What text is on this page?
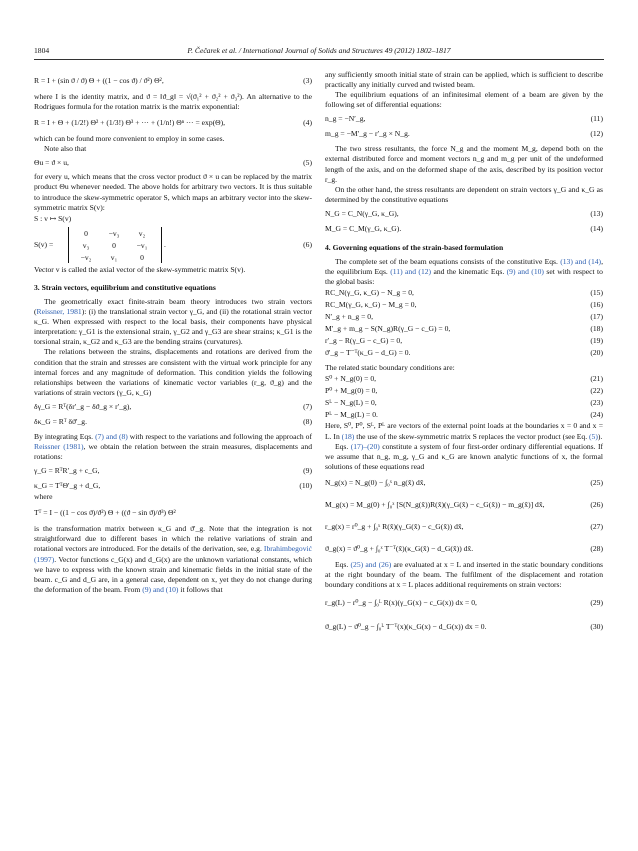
1804	P. Čečarek et al. / International Journal of Solids and Structures 49 (2012) 1802–1817
R = I + (sin ϑ / ϑ) Θ + ((1 − cos ϑ) / ϑ²) Θ²,	(3)

where I is the identity matrix, and ϑ = ‖ϑ_g‖ = √(ϑ₁² + ϑ₂² + ϑ₃²). An alternative to the Rodrigues formula for the rotation matrix is the matrix exponential:

R = I + Θ + (1/2!) Θ² + (1/3!) Θ³ + ··· + (1/n!) Θⁿ ··· = exp(Θ),	(4)

which can be found more convenient to employ in some cases.

Note also that

Θu = ϑ × u,	(5)

for every u, which means that the cross vector product ϑ × u can be replaced by the matrix product Θu whenever needed. The above holds for arbitrary two vectors. It is thus suitable to introduce the skew-symmetric operator S, which maps an arbitrary vector into the skew-symmetric matrix S(v):

S : v ↦ S(v)
S(v) =
0	−v₃	v₂
v₃	0	−v₁
−v₂	v₁	0
.	(6)

Vector v is called the axial vector of the skew-symmetric matrix S(v).

3. Strain vectors, equilibrium and constitutive equations

The geometrically exact finite-strain beam theory introduces two strain vectors (Reissner, 1981): (i) the translational strain vector γ_G, and (ii) the rotational strain vector κ_G. When expressed with respect to the local basis, their components have physical interpretation: γ_G1 is the extensional strain, γ_G2 and γ_G3 are shear strains; κ_G1 is the torsional strain, κ_G2 and κ_G3 are the bending strains (curvatures).

The relations between the strains, displacements and rotations are derived from the condition that the strain and stresses are consistent with the virtual work principle for any internal forces and any magnitude of deformation. This condition yields the following relationships between the variations of kinematic vector variables (r_g, ϑ_g) and the variations of strain vectors (γ_G, κ_G)

δγ_G = Rᵀ(δr′_g − δϑ_g × r′_g),	(7)
δκ_G = Rᵀ δϑ′_g.	(8)

By integrating Eqs. (7) and (8) with respect to the variations and following the approach of Reissner (1981), we obtain the relation between the strain measures, displacements and rotations:

γ_G = RᵀR′_g + c_G,	(9)
κ_G = TᵀΘ′_g + d_G,	(10)

where

Tᵀ = I − ((1 − cos ϑ)/ϑ²) Θ + ((ϑ − sin ϑ)/ϑ³) Θ²

is the transformation matrix between κ_G and ϑ′_g. Note that the integration is not straightforward due to different bases in which the relative variations of strain and rotational vectors are introduced. For the details of the derivation, see, e.g. Ibrahimbegović (1997). Vector functions c_G(x) and d_G(x) are the unknown variational constants, which we have to express with the known strain and kinematic fields in the initial state of the beam. c_G and d_G are, in a general case, dependent on x, yet they do not change during the deformation of the beam. From (9) and (10) it follows that

any sufficiently smooth initial state of strain can be applied, which is sufficient to describe practically any initially curved and twisted beam.

The equilibrium equations of an infinitesimal element of a beam are given by the following set of differential equations:

n_g = −N′_g,	(11)
m_g = −M′_g − r′_g × N_g.	(12)

The two stress resultants, the force N_g and the moment M_g, depend both on the external distributed force and moment vectors n_g and m_g per unit of the undeformed length of the axis, and on the deformed shape of the axis, described by its position vector r_g.

On the other hand, the stress resultants are dependent on strain vectors γ_G and κ_G as determined by the constitutive equations

N_G = C_N(γ_G, κ_G),	(13)
M_G = C_M(γ_G, κ_G).	(14)

4. Governing equations of the strain-based formulation

The complete set of the beam equations consists of the constitutive Eqs. (13) and (14), the equilibrium Eqs. (11) and (12) and the kinematic Eqs. (9) and (10) set with respect to the global basis:

RC_N(γ_G, κ_G) − N_g = 0,	(15)
RC_M(γ_G, κ_G) − M_g = 0,	(16)
N′_g + n_g = 0,	(17)
M′_g + m_g − S(N_g)R(γ_G − c_G) = 0,	(18)
r′_g − R(γ_G − c_G) = 0,	(19)
ϑ′_g − T⁻ᵀ(κ_G − d_G) = 0.	(20)

The related static boundary conditions are:

S⁰ + N_g(0) = 0,	(21)
P⁰ + M_g(0) = 0,	(22)
Sᴸ − N_g(L) = 0,	(23)
Pᴸ − M_g(L) = 0.	(24)

Here, S⁰, P⁰, Sᴸ, Pᴸ are vectors of the external point loads at the boundaries x = 0 and x = L. In (18) the use of the skew-symmetric matrix S replaces the vector product (see Eq. (5)).

Eqs. (17)–(20) constitute a system of four first-order ordinary differential equations. If we assume that n_g, m_g, γ_G and κ_G are known analytic functions of x, the formal solutions of these equations read

N_g(x) = N_g(0) − ∫₀ˣ n_g(x̃) dx̃,	(25)
M_g(x) = M_g(0) + ∫₀ˣ [S(N_g(x̃))R(x̃)(γ_G(x̃) − c_G(x̃)) − m_g(x̃)] dx̃,	(26)
r_g(x) = r⁰_g + ∫₀ˣ R(x̃)(γ_G(x̃) − c_G(x̃)) dx̃,	(27)
ϑ_g(x) = ϑ⁰_g + ∫₀ˣ T⁻ᵀ(x̃)(κ_G(x̃) − d_G(x̃)) dx̃.	(28)

Eqs. (25) and (26) are evaluated at x = L and inserted in the static boundary conditions at the right boundary of the beam. The fulfilment of the displacement and rotation boundary conditions at x = L places additional requirements on strain vectors:

r_g(L) − r⁰_g − ∫₀ᴸ R(x)(γ_G(x) − c_G(x)) dx = 0,	(29)
ϑ_g(L) − ϑ⁰_g − ∫₀ᴸ T⁻ᵀ(x)(κ_G(x) − d_G(x)) dx = 0.	(30)
